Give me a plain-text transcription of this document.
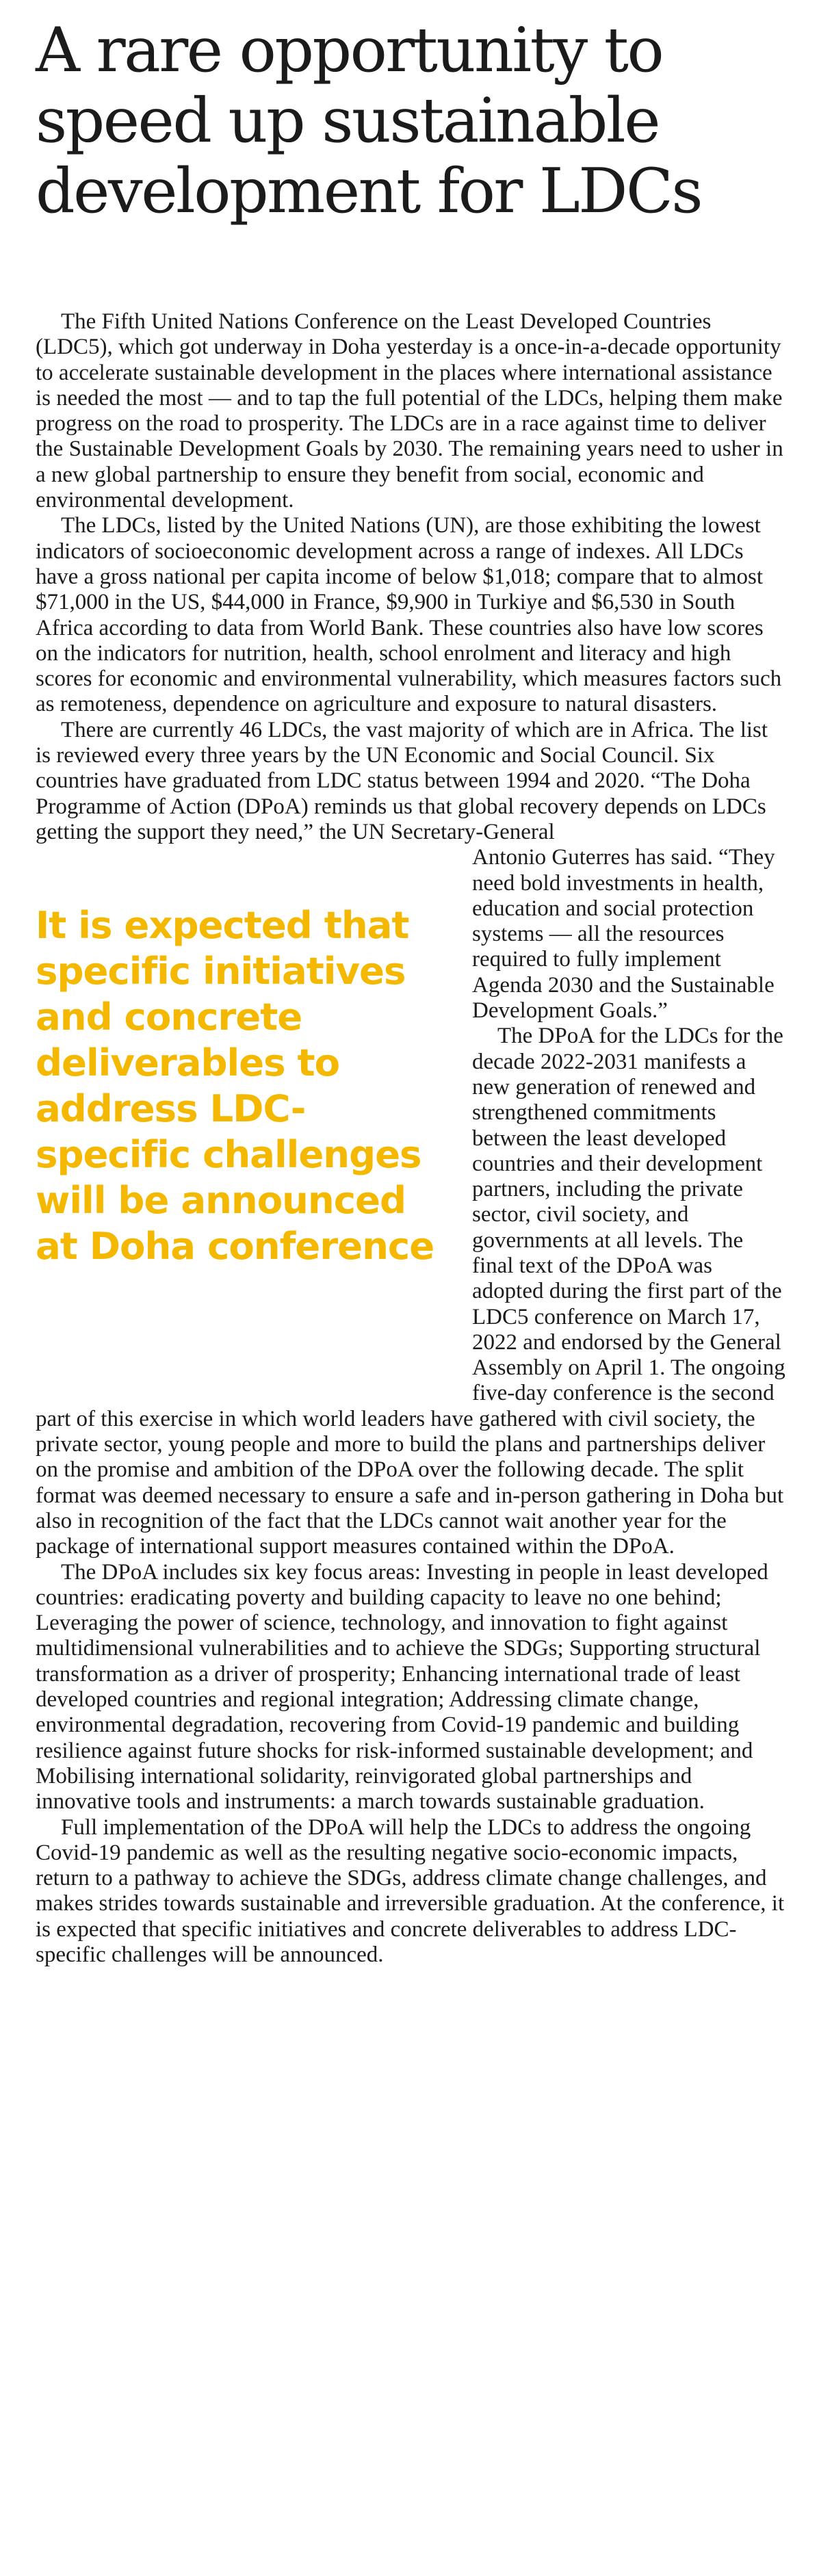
A rare opportunity to speed up sustainable development for LDCs

The Fifth United Nations Conference on the Least Developed Countries (LDC5), which got underway in Doha yesterday is a once-in-a-decade opportunity to accelerate sustainable development in the places where international assistance is needed the most — and to tap the full potential of the LDCs, helping them make progress on the road to prosperity. The LDCs are in a race against time to deliver the Sustainable Development Goals by 2030. The remaining years need to usher in a new global partnership to ensure they benefit from social, economic and environmental development.

The LDCs, listed by the United Nations (UN), are those exhibiting the lowest indicators of socioeconomic development across a range of indexes. All LDCs have a gross national per capita income of below $1,018; compare that to almost $71,000 in the US, $44,000 in France, $9,900 in Turkiye and $6,530 in South Africa according to data from World Bank. These countries also have low scores on the indicators for nutrition, health, school enrolment and literacy and high scores for economic and environmental vulnerability, which measures factors such as remoteness, dependence on agriculture and exposure to natural disasters.

There are currently 46 LDCs, the vast majority of which are in Africa. The list is reviewed every three years by the UN Economic and Social Council. Six countries have graduated from LDC status between 1994 and 2020. “The Doha Programme of Action (DPoA) reminds us that global recovery depends on LDCs getting the support they need,” the UN Secretary-General

It is expected that specific initiatives and concrete deliverables to address LDC-specific challenges will be announced at Doha conference

Antonio Guterres has said. “They need bold investments in health, education and social protection systems — all the resources required to fully implement Agenda 2030 and the Sustainable Development Goals.”

The DPoA for the LDCs for the decade 2022-2031 manifests a new generation of renewed and strengthened commitments between the least developed countries and their development partners, including the private sector, civil society, and governments at all levels. The final text of the DPoA was adopted during the first part of the LDC5 conference on March 17, 2022 and endorsed by the General Assembly on April 1. The ongoing five-day conference is the second part of this exercise in which world leaders have gathered with civil society, the private sector, young people and more to build the plans and partnerships deliver on the promise and ambition of the DPoA over the following decade. The split format was deemed necessary to ensure a safe and in-person gathering in Doha but also in recognition of the fact that the LDCs cannot wait another year for the package of international support measures contained within the DPoA.

The DPoA includes six key focus areas: Investing in people in least developed countries: eradicating poverty and building capacity to leave no one behind; Leveraging the power of science, technology, and innovation to fight against multidimensional vulnerabilities and to achieve the SDGs; Supporting structural transformation as a driver of prosperity; Enhancing international trade of least developed countries and regional integration; Addressing climate change, environmental degradation, recovering from Covid-19 pandemic and building resilience against future shocks for risk-informed sustainable development; and Mobilising international solidarity, reinvigorated global partnerships and innovative tools and instruments: a march towards sustainable graduation.

Full implementation of the DPoA will help the LDCs to address the ongoing Covid-19 pandemic as well as the resulting negative socio-economic impacts, return to a pathway to achieve the SDGs, address climate change challenges, and makes strides towards sustainable and irreversible graduation. At the conference, it is expected that specific initiatives and concrete deliverables to address LDC-specific challenges will be announced.
